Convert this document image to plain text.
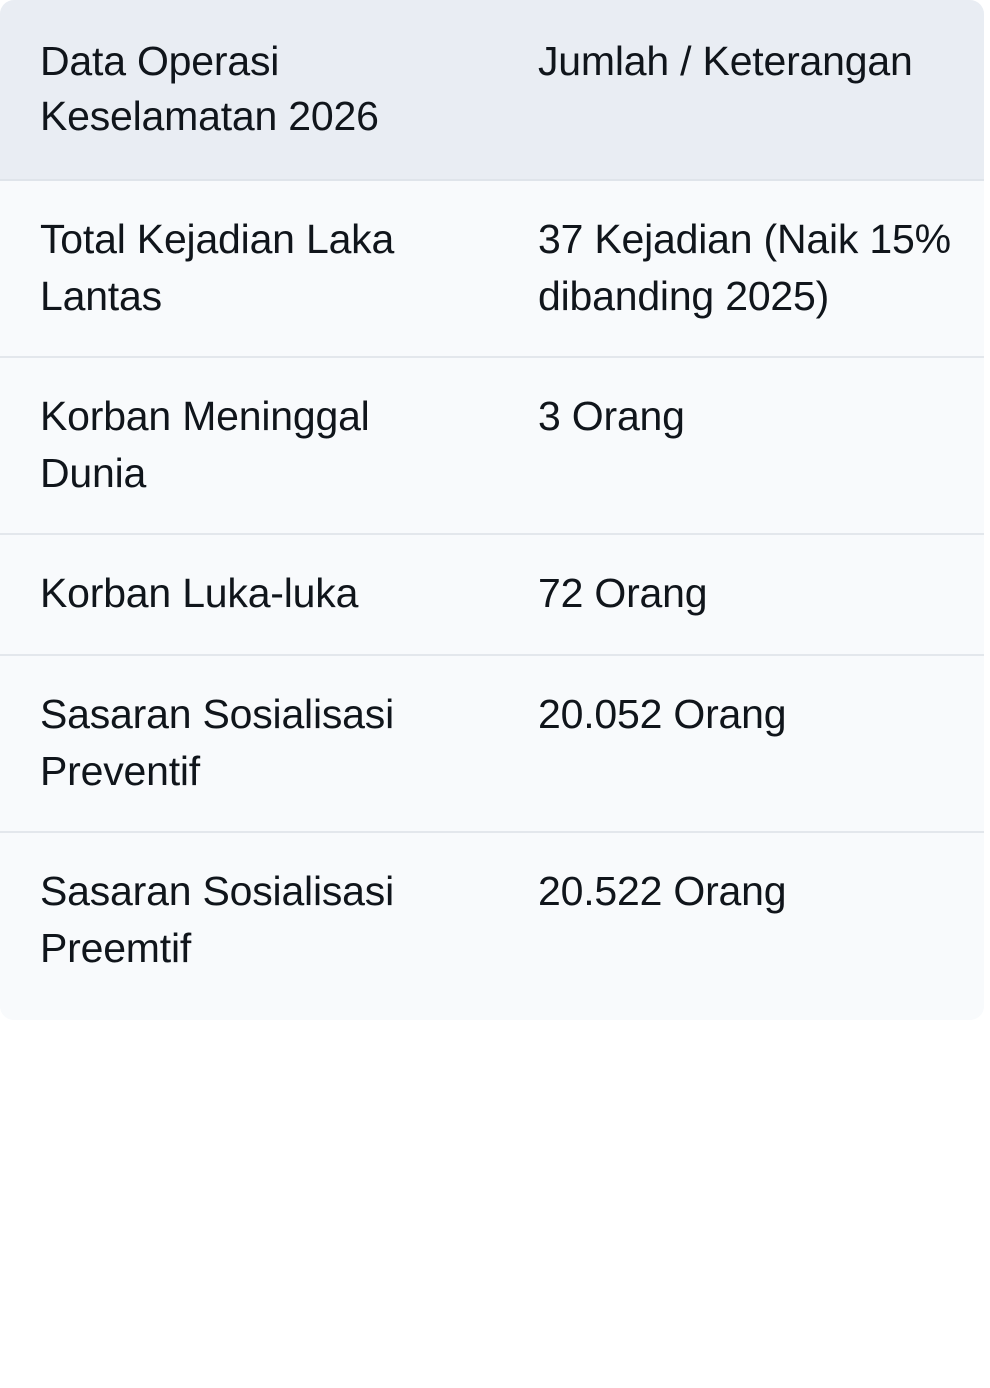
Data Operasi Keselamatan 2026	Jumlah / Keterangan
Total Kejadian Laka Lantas	37 Kejadian (Naik 15% dibanding 2025)
Korban Meninggal Dunia	3 Orang
Korban Luka-luka	72 Orang
Sasaran Sosialisasi Preventif	20.052 Orang
Sasaran Sosialisasi Preemtif	20.522 Orang
